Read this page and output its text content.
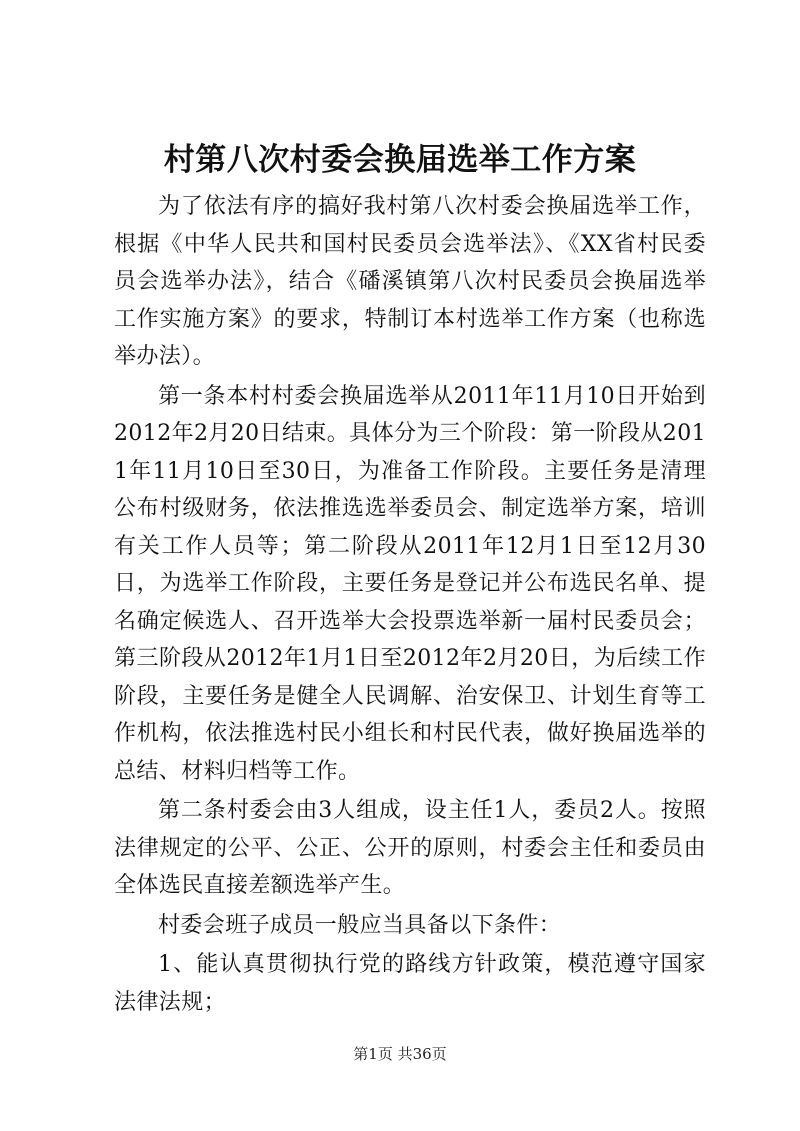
村第八次村委会换届选举工作方案

为了依法有序的搞好我村第八次村委会换届选举工作，根据《中华人民共和国村民委员会选举法》、《XX省村民委员会选举办法》，结合《磻溪镇第八次村民委员会换届选举工作实施方案》的要求，特制订本村选举工作方案（也称选举办法）。

第一条本村村委会换届选举从2011年11月10日开始到2012年2月20日结束。具体分为三个阶段：第一阶段从2011年11月10日至30日，为准备工作阶段。主要任务是清理公布村级财务，依法推选选举委员会、制定选举方案，培训有关工作人员等；第二阶段从2011年12月1日至12月30日，为选举工作阶段，主要任务是登记并公布选民名单、提名确定候选人、召开选举大会投票选举新一届村民委员会；第三阶段从2012年1月1日至2012年2月20日，为后续工作阶段，主要任务是健全人民调解、治安保卫、计划生育等工作机构，依法推选村民小组长和村民代表，做好换届选举的总结、材料归档等工作。

第二条村委会由3人组成，设主任1人，委员2人。按照法律规定的公平、公正、公开的原则，村委会主任和委员由全体选民直接差额选举产生。

村委会班子成员一般应当具备以下条件：

1、能认真贯彻执行党的路线方针政策，模范遵守国家法律法规；

第1页 共36页
